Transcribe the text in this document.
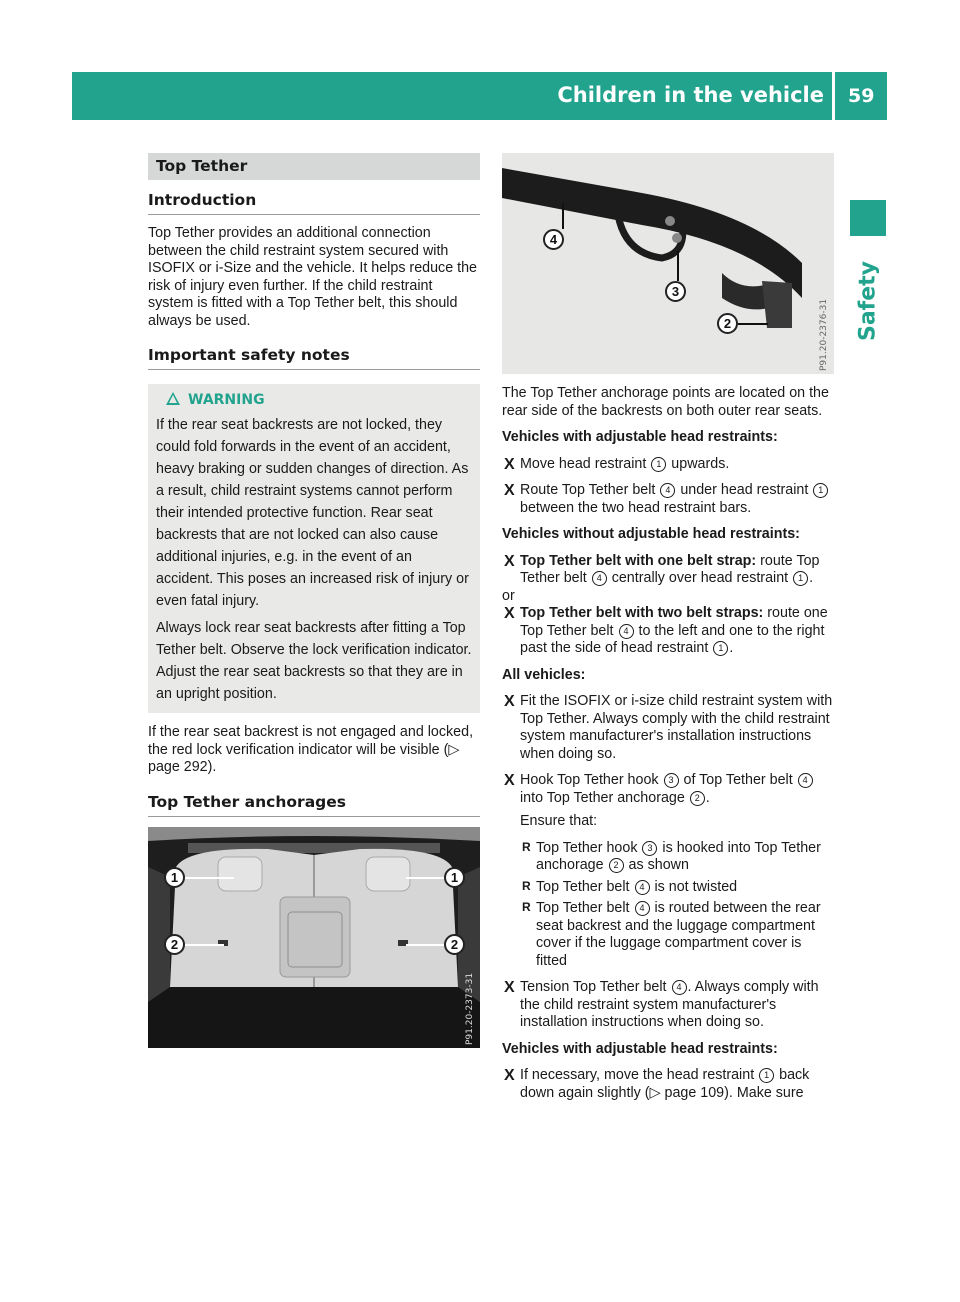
Children in the vehicle 59
Safety
Top Tether
Introduction

Top Tether provides an additional connection between the child restraint system secured with ISOFIX or i-Size and the vehicle. It helps reduce the risk of injury even further. If the child restraint system is fitted with a Top Tether belt, this should always be used.

Important safety notes
WARNING

If the rear seat backrests are not locked, they could fold forwards in the event of an accident, heavy braking or sudden changes of direction. As a result, child restraint systems cannot perform their intended protective function. Rear seat backrests that are not locked can also cause additional injuries, e.g. in the event of an accident. This poses an increased risk of injury or even fatal injury.

Always lock rear seat backrests after fitting a Top Tether belt. Observe the lock verification indicator. Adjust the rear seat backrests so that they are in an upright position.

If the rear seat backrest is not engaged and locked, the red lock verification indicator will be visible (▷ page 292).

Top Tether anchorages
1	1
2	2
P91.20-2373-31
4
3
2	P91.20-2376-31

The Top Tether anchorage points are located on the rear side of the backrests on both outer rear seats.

Vehicles with adjustable head restraints:

X Move head restraint 1 upwards.

X Route Top Tether belt 4 under head restraint 1 between the two head restraint bars.

Vehicles without adjustable head restraints:

X Top Tether belt with one belt strap: route Top Tether belt 4 centrally over head restraint 1 .

or

X Top Tether belt with two belt straps: route one Top Tether belt 4 to the left and one to the right past the side of head restraint 1 .

All vehicles:

X Fit the ISOFIX or i-size child restraint system with Top Tether. Always comply with the child restraint system manufacturer's installation instructions when doing so.

X Hook Top Tether hook 3 of Top Tether belt 4 into Top Tether anchorage 2 .

Ensure that:

R Top Tether hook 3 is hooked into Top Tether anchorage 2 as shown

R Top Tether belt 4 is not twisted

R Top Tether belt 4 is routed between the rear seat backrest and the luggage compartment cover if the luggage compartment cover is fitted

X Tension Top Tether belt 4 . Always comply with the child restraint system manufacturer's installation instructions when doing so.

Vehicles with adjustable head restraints:

X If necessary, move the head restraint 1 back down again slightly (▷ page 109). Make sure
